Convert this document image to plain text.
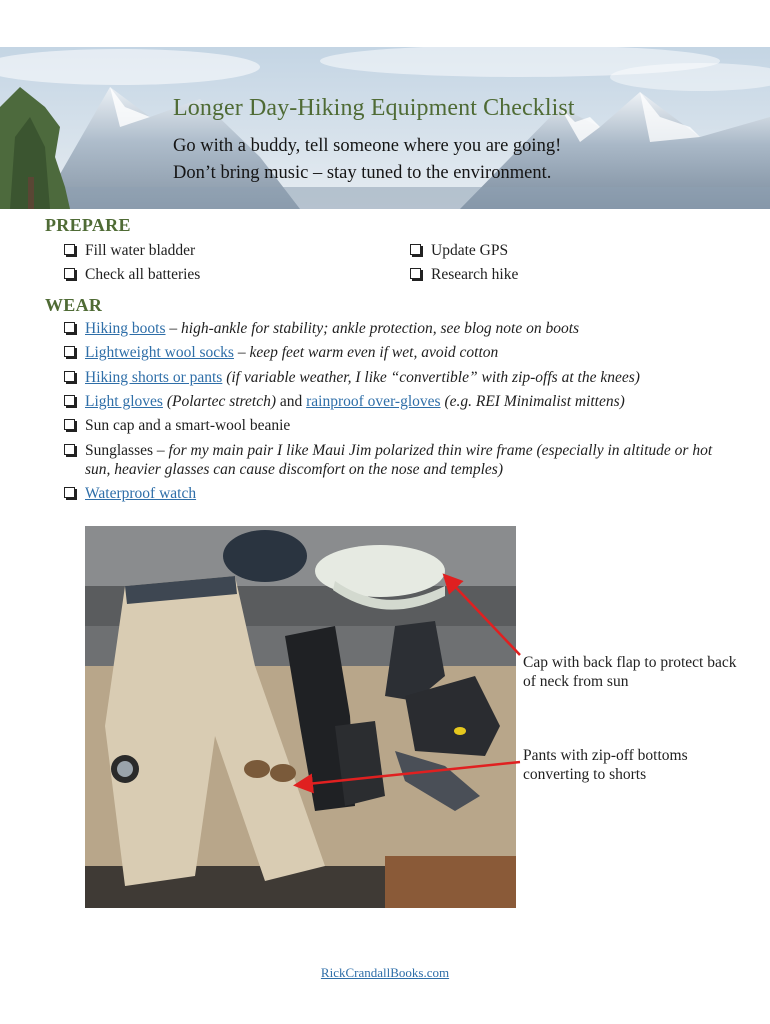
Longer Day-Hiking Equipment Checklist

Go with a buddy, tell someone where you are going!

Don’t bring music – stay tuned to the environment.

PREPARE
Fill water bladder	Update GPS
Check all batteries	Research hike
WEAR
Hiking boots – high-ankle for stability; ankle protection, see blog note on boots
Lightweight wool socks – keep feet warm even if wet, avoid cotton
Hiking shorts or pants (if variable weather, I like “convertible” with zip-offs at the knees)
Light gloves (Polartec stretch) and rainproof over-gloves (e.g. REI Minimalist mittens)
Sun cap and a smart-wool beanie
Sunglasses – for my main pair I like Maui Jim polarized thin wire frame (especially in altitude or hot sun, heavier glasses can cause discomfort on the nose and temples)
Waterproof watch
Cap with back flap to protect back of neck from sun
Pants with zip-off bottoms converting to shorts
RickCrandallBooks.com
